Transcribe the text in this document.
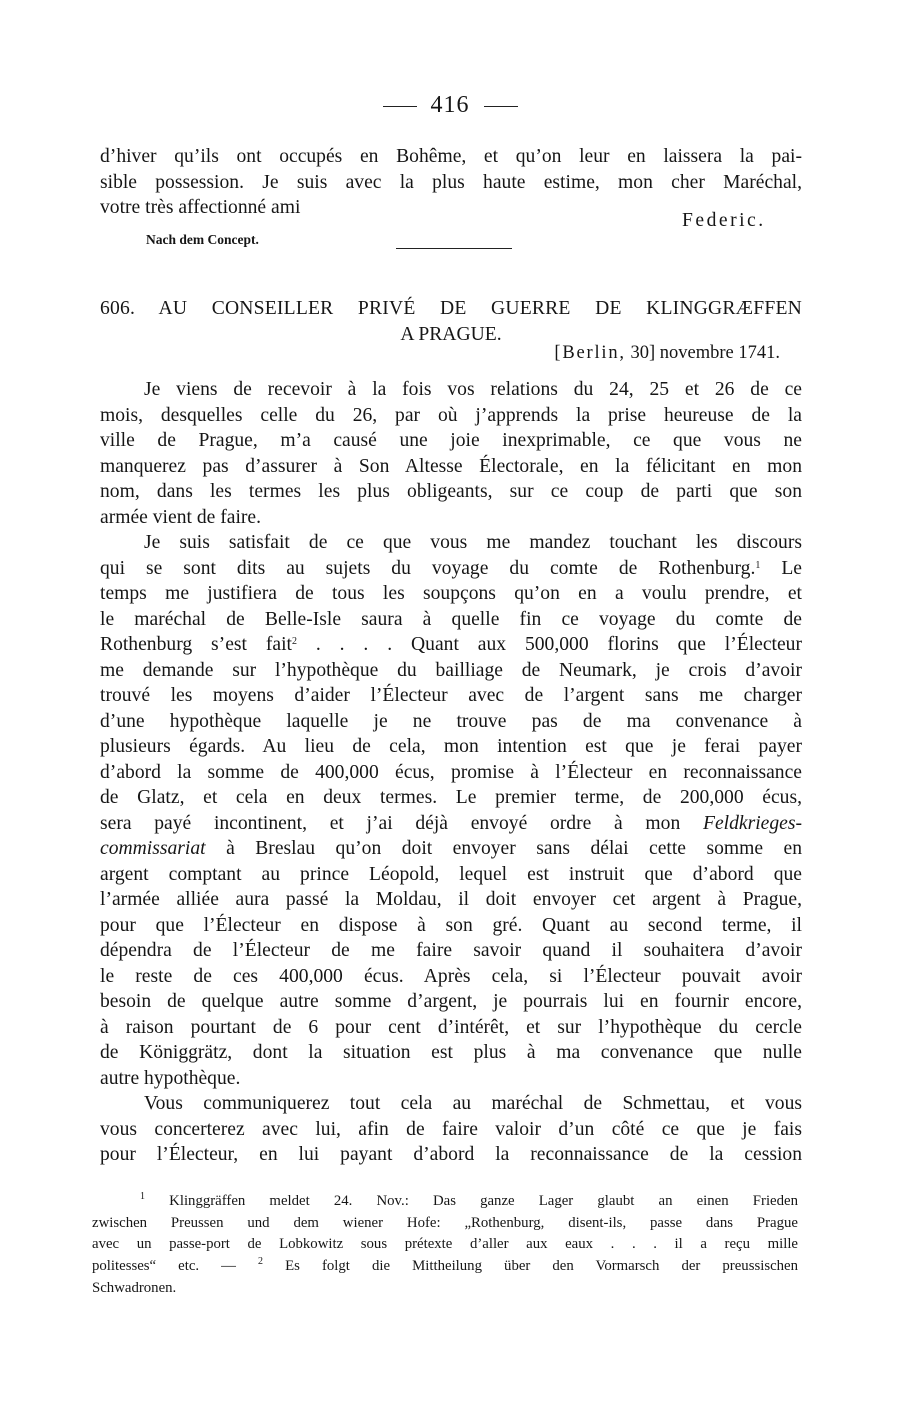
416
d’hiver qu’ils ont occupés en Bohême, et qu’on leur en laissera la pai-
sible possession. Je suis avec la plus haute estime, mon cher Maréchal,
votre très affectionné ami
Federic.
Nach dem Concept.
606. AU CONSEILLER PRIVÉ DE GUERRE DE KLINGGRÆFFEN
A PRAGUE.
[Berlin, 30] novembre 1741.
Je viens de recevoir à la fois vos relations du 24, 25 et 26 de ce
mois, desquelles celle du 26, par où j’apprends la prise heureuse de la
ville de Prague, m’a causé une joie inexprimable, ce que vous ne
manquerez pas d’assurer à Son Altesse Électorale, en la félicitant en mon
nom, dans les termes les plus obligeants, sur ce coup de parti que son
armée vient de faire.
Je suis satisfait de ce que vous me mandez touchant les discours
qui se sont dits au sujets du voyage du comte de Rothenburg.$^1$ Le
temps me justifiera de tous les soupçons qu’on en a voulu prendre, et
le maréchal de Belle-Isle saura à quelle fin ce voyage du comte de
Rothenburg s’est fait$^2$ . . . . Quant aux 500,000 florins que l’Électeur
me demande sur l’hypothèque du bailliage de Neumark, je crois d’avoir
trouvé les moyens d’aider l’Électeur avec de l’argent sans me charger
d’une hypothèque laquelle je ne trouve pas de ma convenance à
plusieurs égards. Au lieu de cela, mon intention est que je ferai payer
d’abord la somme de 400,000 écus, promise à l’Électeur en reconnaissance
de Glatz, et cela en deux termes. Le premier terme, de 200,000 écus,
sera payé incontinent, et j’ai déjà envoyé ordre à mon Feldkrieges-
commissariat à Breslau qu’on doit envoyer sans délai cette somme en
argent comptant au prince Léopold, lequel est instruit que d’abord que
l’armée alliée aura passé la Moldau, il doit envoyer cet argent à Prague,
pour que l’Électeur en dispose à son gré. Quant au second terme, il
dépendra de l’Électeur de me faire savoir quand il souhaitera d’avoir
le reste de ces 400,000 écus. Après cela, si l’Électeur pouvait avoir
besoin de quelque autre somme d’argent, je pourrais lui en fournir encore,
à raison pourtant de 6 pour cent d’intérêt, et sur l’hypothèque du cercle
de Königgrätz, dont la situation est plus à ma convenance que nulle
autre hypothèque.
Vous communiquerez tout cela au maréchal de Schmettau, et vous
vous concerterez avec lui, afin de faire valoir d’un côté ce que je fais
pour l’Électeur, en lui payant d’abord la reconnaissance de la cession
$^1$ Klinggräffen meldet 24. Nov.: Das ganze Lager glaubt an einen Frieden
zwischen Preussen und dem wiener Hofe: „Rothenburg, disent-ils, passe dans Prague
avec un passe-port de Lobkowitz sous prétexte d’aller aux eaux . . . il a reçu mille
politesses“ etc. — $^2$ Es folgt die Mittheilung über den Vormarsch der preussischen
Schwadronen.
